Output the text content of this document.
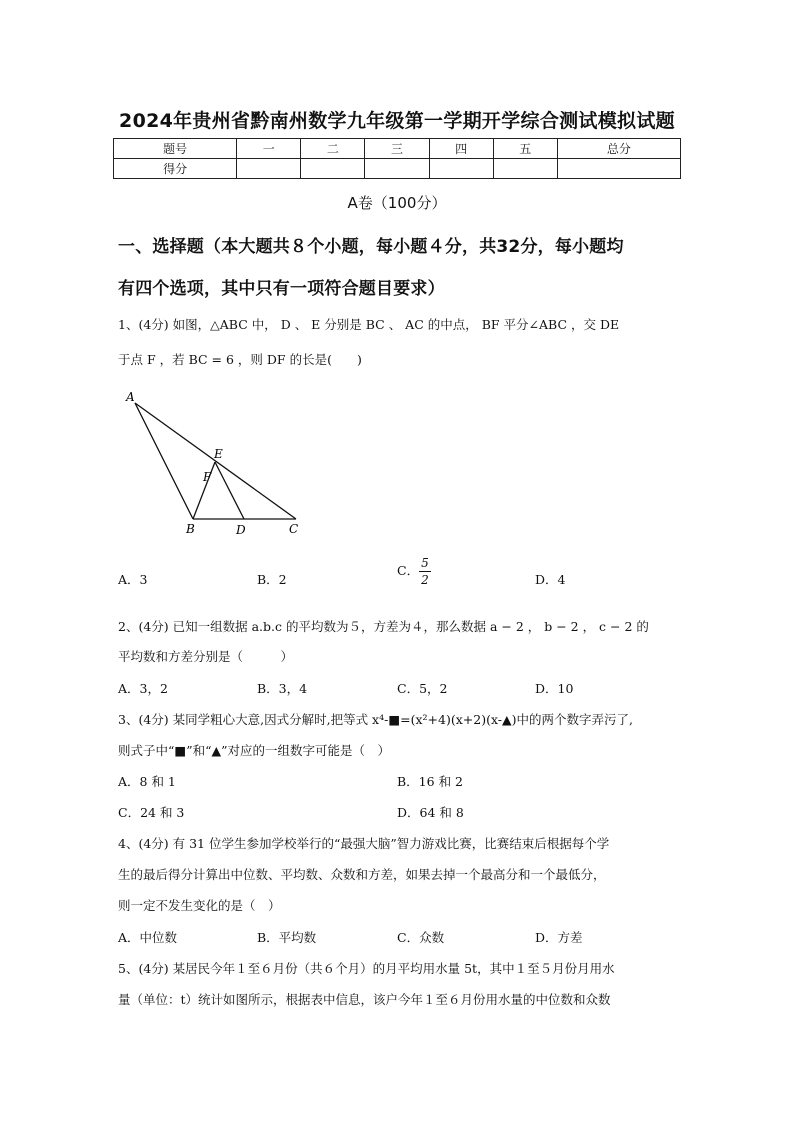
2024年贵州省黔南州数学九年级第一学期开学综合测试模拟试题
题号	一	二	三	四	五	总分
得分						
A卷（100分）
一、选择题（本大题共８个小题，每小题４分，共32分，每小题均
有四个选项，其中只有一项符合题目要求）
1、(4分) 如图，△ABC 中， D 、 E 分别是 BC 、 AC 的中点， BF 平分∠ABC ，交 DE
于点 F ，若 BC = 6 ，则 DF 的长是(　　)
A
E
F
B	D	C
A．3	B．2
C． $\frac{5}{2}$	D．4
2、(4分) 已知一组数据 a.b.c 的平均数为５，方差为４，那么数据 a − 2 ， b − 2 ， c − 2 的
平均数和方差分别是（　　　）
A．3，2	B．3，4	C．5，2	D．10
3、(4分) 某同学粗心大意,因式分解时,把等式 x⁴-■=(x²+4)(x+2)(x-▲)中的两个数字弄污了,
则式子中“■”和“▲”对应的一组数字可能是（　）
A．8 和 1	B．16 和 2
C．24 和 3	D．64 和 8
4、(4分) 有 31 位学生参加学校举行的“最强大脑”智力游戏比赛，比赛结束后根据每个学
生的最后得分计算出中位数、平均数、众数和方差，如果去掉一个最高分和一个最低分，
则一定不发生变化的是（　）
A．中位数	B．平均数	C．众数	D．方差
5、(4分) 某居民今年１至６月份（共６个月）的月平均用水量 5t，其中１至５月份月用水
量（单位：t）统计如图所示，根据表中信息，该户今年１至６月份用水量的中位数和众数
